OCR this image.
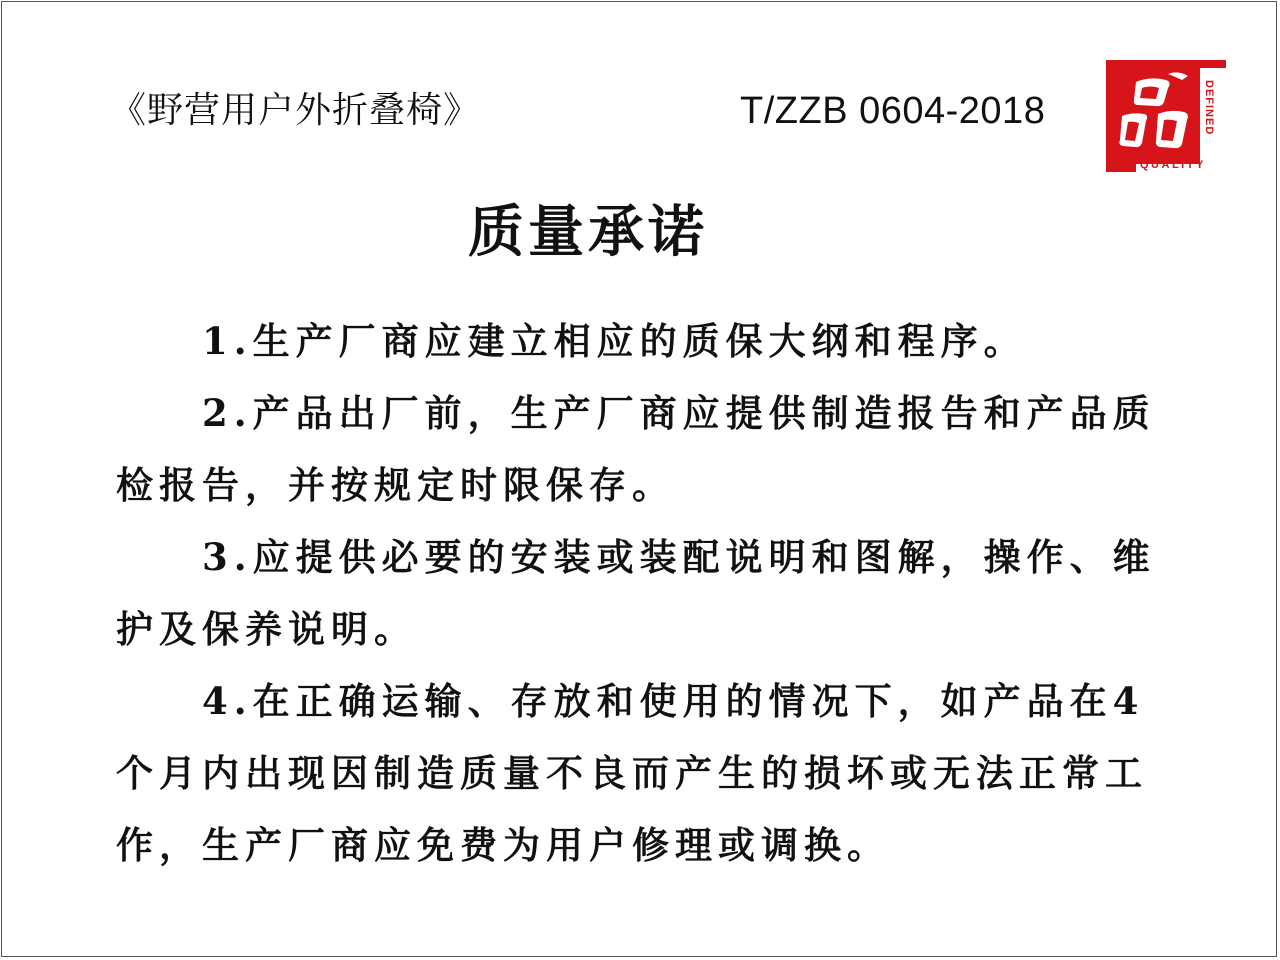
《野营用户外折叠椅》	T/ZZB 0604-2018	DEFINED
QUALITY
质量承诺

1.生产厂商应建立相应的质保大纲和程序。

2.产品出厂前，生产厂商应提供制造报告和产品质检报告，并按规定时限保存。

3.应提供必要的安装或装配说明和图解，操作、维护及保养说明。

4.在正确运输、存放和使用的情况下，如产品在4个月内出现因制造质量不良而产生的损坏或无法正常工作，生产厂商应免费为用户修理或调换。
